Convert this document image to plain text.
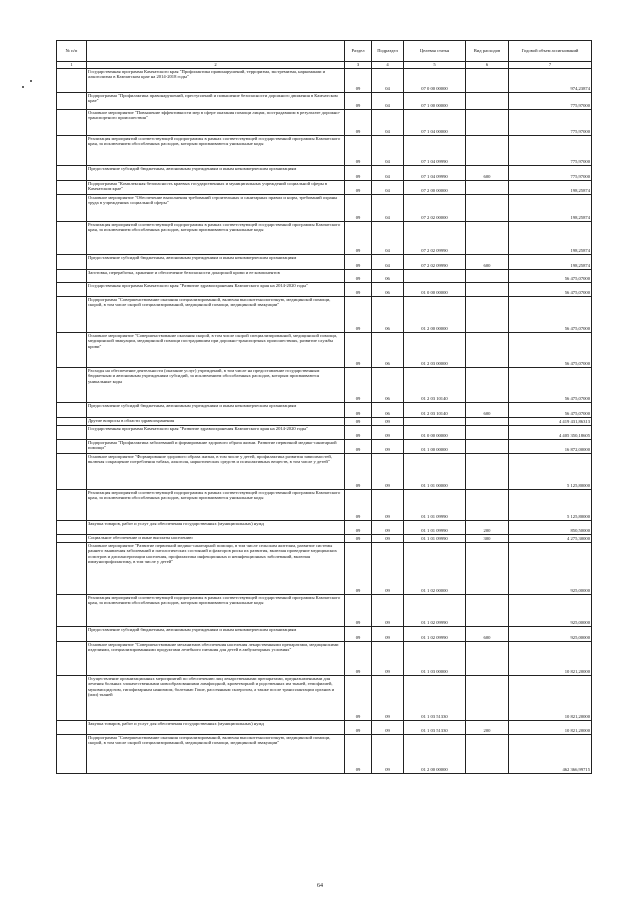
№ п/п		Раздел	Подраздел	Целевая статья	Вид расходов	Годовой объем ассигнований
1	2	3	4	5	6	7
	Государственная программа Камчатского края "Профилактика правонарушений, терроризма, экстремизма, наркомании и алкоголизма в Камчатском крае на 2014-2018 годы"	09	04	07 0 00 00000		974,23874
	Подпрограмма "Профилактика правонарушений, преступлений и повышение безопасности дорожного движения в Камчатском крае"	09	04	07 1 00 00000		775,97000
	Основное мероприятие "Повышение эффективности мер в сфере оказания помощи лицам, пострадавшим в результате дорожно-транспортного происшествия"	09	04	07 1 04 00000		775,97000
	Реализация мероприятий соответствующей подпрограммы в рамках соответствующей государственной программы Камчатского края, за исключением обособленных расходов, которым присваиваются уникальные коды	09	04	07 1 04 09990		775,97000
	Предоставление субсидий бюджетным, автономным учреждениям и иным некоммерческим организациям	09	04	07 1 04 09990	600	775,97000
	Подпрограмма "Комплексная безопасность краевых государственных и муниципальных учреждений социальной сферы в Камчатском крае"	09	04	07 2 00 00000		198,25874
	Основное мероприятие "Обеспечение выполнения требований строительных и санитарных правил и норм, требований охраны труда в учреждениях социальной сферы"	09	04	07 2 02 00000		198,25874
	Реализация мероприятий соответствующей подпрограммы в рамках соответствующей государственной программы Камчатского края, за исключением обособленных расходов, которым присваиваются уникальные коды	09	04	07 2 02 09990		198,25874
	Предоставление субсидий бюджетным, автономным учреждениям и иным некоммерческим организациям	09	04	07 2 02 09990	600	198,25874
	Заготовка, переработка, хранение и обеспечение безопасности донорской крови и ее компонентов	09	06			56 475,07000
	Государственная программа Камчатского края "Развитие здравоохранения Камчатского края на 2014-2020 годы"	09	06	01 0 00 00000		56 475,07000
	Подпрограмма "Совершенствование оказания специализированной, включая высокотехнологичную, медицинской помощи, скорой, в том числе скорой специализированной, медицинской помощи, медицинской эвакуации"	09	06	01 2 00 00000		56 475,07000
	Основное мероприятие "Совершенствование оказания скорой, в том числе скорой специализированной, медицинской помощи, медицинской эвакуации, медицинской помощи пострадавшим при дорожно-транспортных происшествиях, развитие службы крови"	09	06	01 2 03 00000		56 475,07000
	Расходы на обеспечение деятельности (оказание услуг) учреждений, в том числе на предоставление государственным бюджетным и автономным учреждениям субсидий, за исключением обособленных расходов, которым присваиваются уникальные коды	09	06	01 2 03 10140		56 475,07000
	Предоставление субсидий бюджетным, автономным учреждениям и иным некоммерческим организациям	09	06	01 2 03 10140	600	56 475,07000
	Другие вопросы в области здравоохранения	09	09			4 419 431,86313
	Государственная программа Камчатского края "Развитие здравоохранения Камчатского края на 2014-2020 годы"	09	09	01 0 00 00000		4 405 350,18605
	Подпрограмма "Профилактика заболеваний и формирование здорового образа жизни. Развитие первичной медико-санитарной помощи"	09	09	01 1 00 00000		16 872,00000
	Основное мероприятие "Формирование здорового образа жизни, в том числе у детей, профилактика развития зависимостей, включая сокращение потребления табака, алкоголя, наркотических средств и психоактивных веществ, в том числе у детей"	09	09	01 1 01 00000		5 125,80000
	Реализация мероприятий соответствующей подпрограммы в рамках соответствующей государственной программы Камчатского края, за исключением обособленных расходов, которым присваиваются уникальные коды	09	09	01 1 01 09990		5 125,80000
	Закупка товаров, работ и услуг для обеспечения государственных (муниципальных) нужд	09	09	01 1 01 09990	200	850,50000
	Социальное обеспечение и иные выплаты населению	09	09	01 1 01 09990	300	4 275,30000
	Основное мероприятие "Развитие первичной медико-санитарной помощи, в том числе сельским жителям, развитие системы раннего выявления заболеваний и патологических состояний и факторов риска их развития, включая проведение медицинских осмотров и диспансеризации населения, профилактика инфекционных и неинфекционных заболеваний, включая иммунопрофилактику, в том числе у детей"	09	09	01 1 02 00000		925,00000
	Реализация мероприятий соответствующей подпрограммы в рамках соответствующей государственной программы Камчатского края, за исключением обособленных расходов, которым присваиваются уникальные коды	09	09	01 1 02 09990		925,00000
	Предоставление субсидий бюджетным, автономным учреждениям и иным некоммерческим организациям	09	09	01 1 02 09990	600	925,00000
	Основное мероприятие "Совершенствование механизмов обеспечения населения лекарственными препаратами, медицинскими изделиями, специализированными продуктами лечебного питания для детей в амбулаторных условиях"	09	09	01 1 03 00000		10 821,20000
	Осуществление организационных мероприятий по обеспечению лиц лекарственными препаратами, предназначенными для лечения больных злокачественными новообразованиями лимфоидной, кроветворной и родственных им тканей, гемофилией, муковисцидозом, гипофизарным нанизмом, болезнью Гоше, рассеянным склерозом, а также после трансплантации органов и (или) тканей	09	09	01 1 03 51330		10 821,20000
	Закупка товаров, работ и услуг для обеспечения государственных (муниципальных) нужд	09	09	01 1 03 51330	200	10 821,20000
	Подпрограмма "Совершенствование оказания специализированной, включая высокотехнологичную, медицинской помощи, скорой, в том числе скорой специализированной, медицинской помощи, медицинской эвакуации"	09	09	01 2 00 00000		462 366,99715
64
